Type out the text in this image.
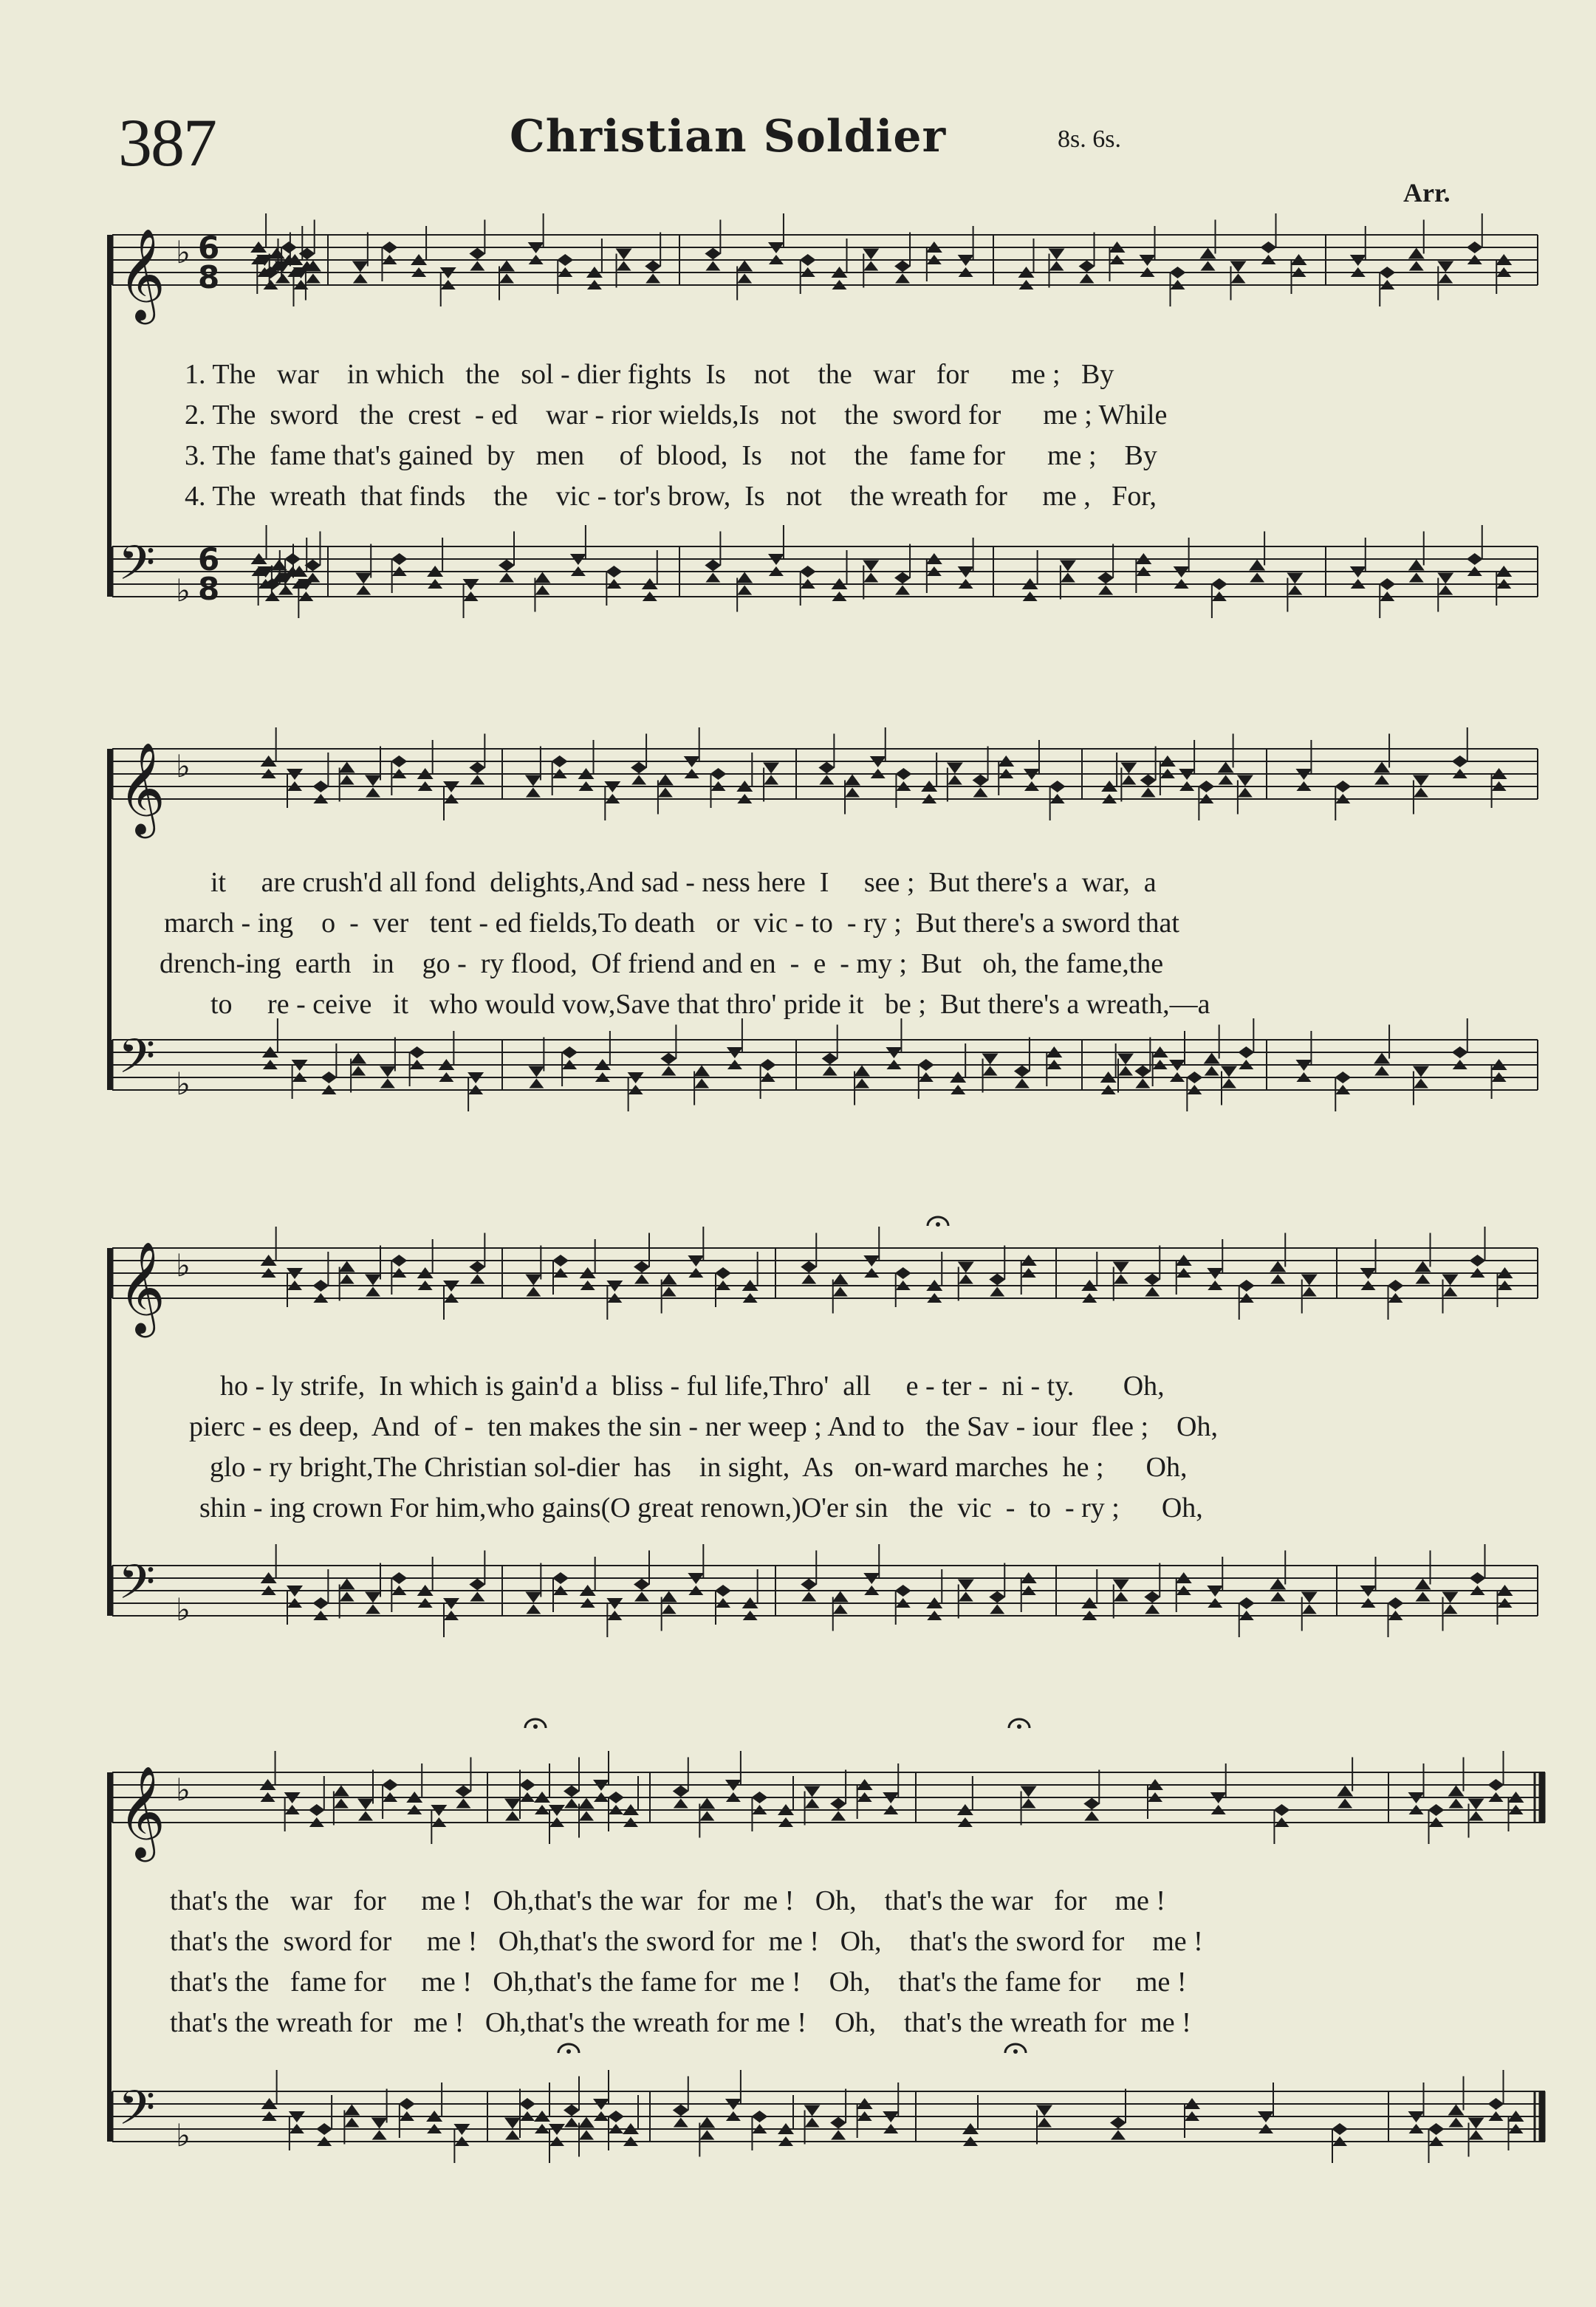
387	Christian Soldier	8s. 6s.
Arr.
𝄞 ♭ 6
8
𝄢 ♭
6
8
𝄞 ♭
𝄢 ♭
𝄞 ♭
𝄢 ♭
𝄞 ♭
𝄢 ♭
1. The   war    in which   the   sol - dier fights  Is    not    the   war   for      me ;   By
2. The  sword   the  crest  - ed    war - rior wields,Is   not    the  sword for      me ; While
3. The  fame that's gained  by   men     of  blood,  Is    not    the   fame for      me ;    By
4. The  wreath  that finds    the    vic - tor's brow,  Is   not    the wreath for     me ,   For,
it     are crush'd all fond  delights,And sad - ness here  I     see ;  But there's a  war,  a
march - ing    o  -  ver   tent - ed fields,To death   or  vic - to  - ry ;  But there's a sword that
drench-ing  earth   in    go -  ry flood,  Of friend and en  -  e  - my ;  But   oh, the fame,the
to     re - ceive   it   who would vow,Save that thro' pride it   be ;  But there's a wreath,—a
ho - ly strife,  In which is gain'd a  bliss - ful life,Thro'  all     e - ter -  ni - ty.       Oh,
pierc - es deep,  And  of -  ten makes the sin - ner weep ; And to   the Sav - iour  flee ;    Oh,
glo - ry bright,The Christian sol-dier  has    in sight,  As   on-ward marches  he ;      Oh,
shin - ing crown For him,who gains(O great renown,)O'er sin   the  vic  -  to  - ry ;      Oh,
that's the   war   for     me !   Oh,that's the war  for  me !   Oh,    that's the war   for    me !
that's the  sword for     me !   Oh,that's the sword for  me !   Oh,    that's the sword for    me !
that's the   fame for     me !   Oh,that's the fame for  me !    Oh,    that's the fame for     me !
that's the wreath for   me !   Oh,that's the wreath for me !    Oh,    that's the wreath for  me !
